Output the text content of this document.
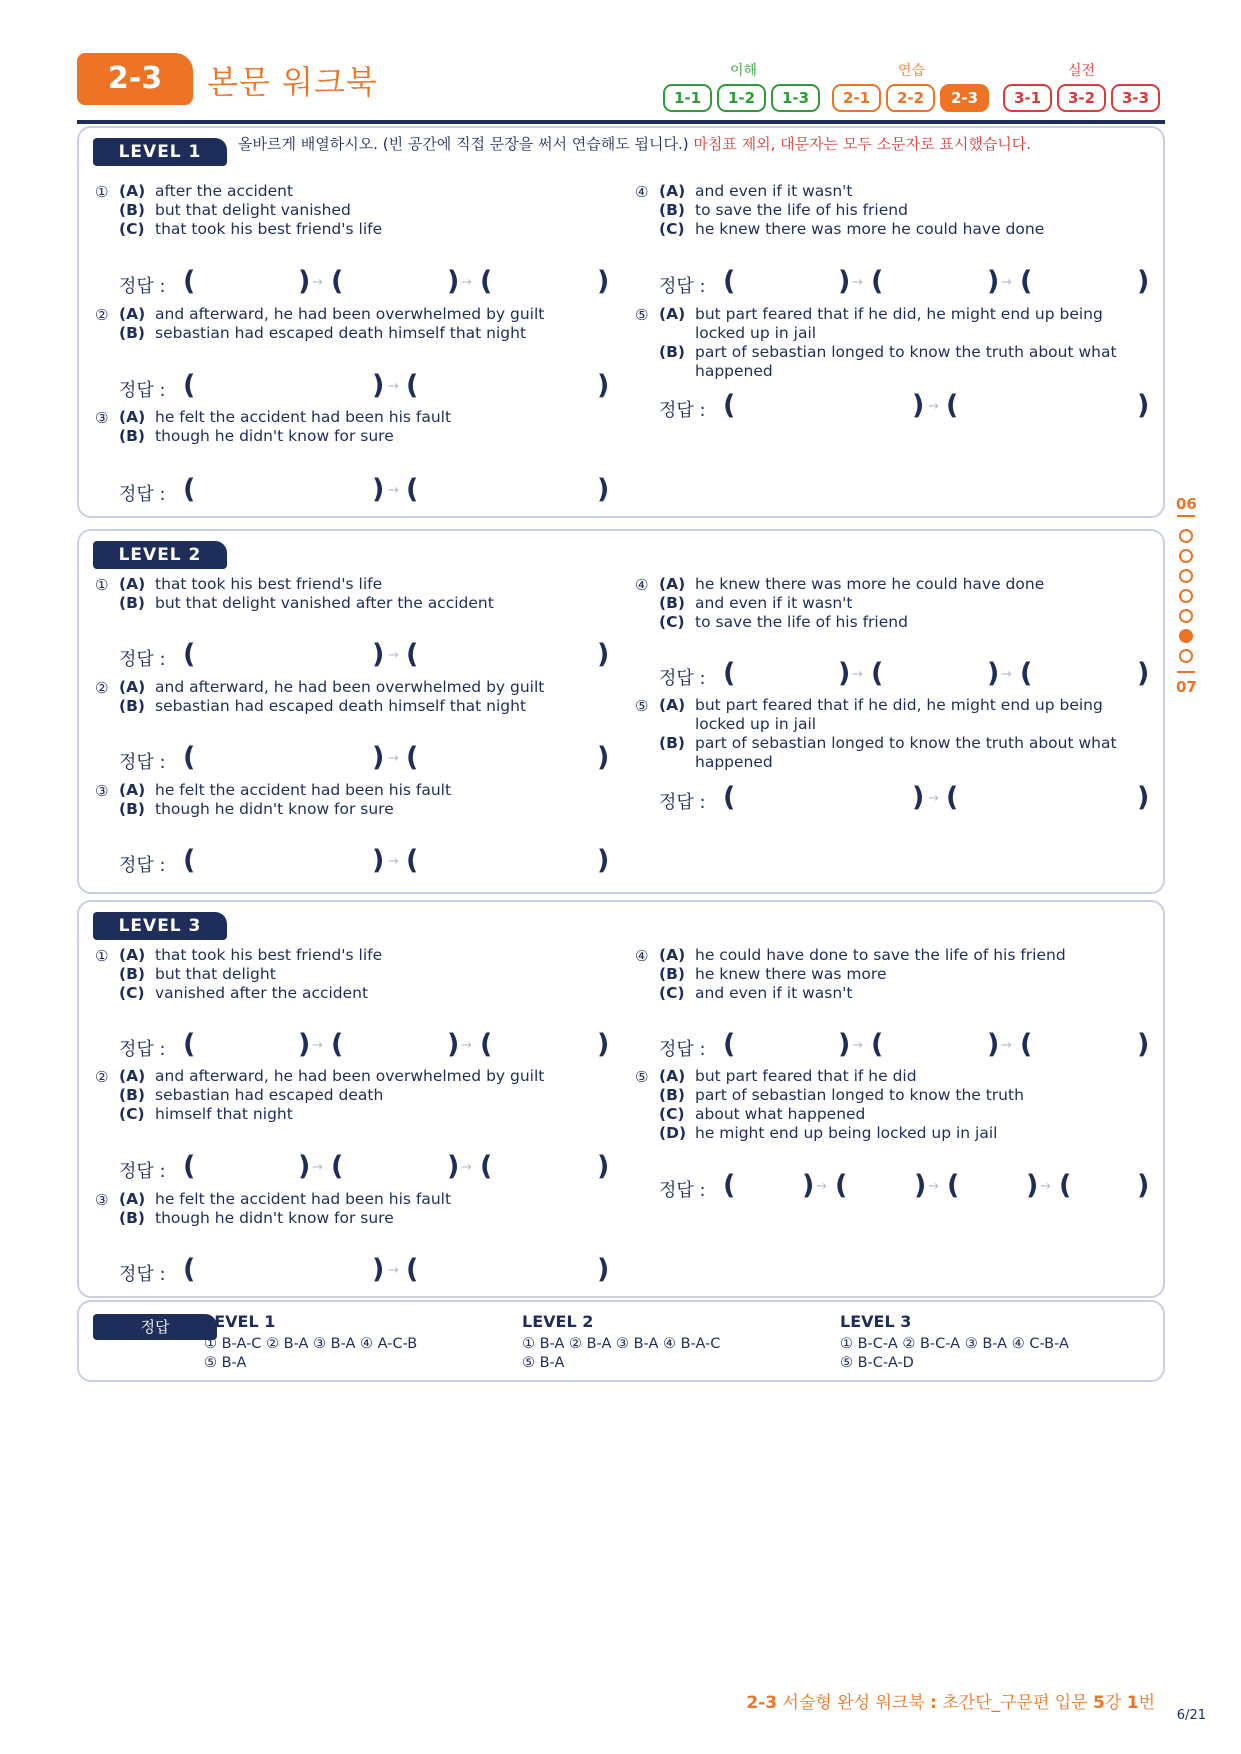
2-3	본문 워크북	이해	연습	실전
1-1	1-2	1-3	2-1	2-2	2-3	3-1	3-2	3-3
LEVEL 1	올바르게 배열하시오. (빈 공간에 직접 문장을 써서 연습해도 됩니다.) 마침표 제외, 대문자는 모두 소문자로 표시했습니다.
① (A) after the accident
(B) but that delight vanished
(C) that took his best friend's life
정답 : (	) → (	) → (	)
② (A) and afterward, he had been overwhelmed by guilt
(B) sebastian had escaped death himself that night
정답 : (	) → (	)
③ (A) he felt the accident had been his fault
(B) though he didn't know for sure
정답 : (	) → (	)
④ (A) and even if it wasn't
(B) to save the life of his friend
(C) he knew there was more he could have done
정답 : (	) → (	) → (	)
⑤ (A) but part feared that if he did, he might end up being locked up in jail
(B) part of sebastian longed to know the truth about what happened
정답 : (	) → (	)
LEVEL 2
① (A) that took his best friend's life
(B) but that delight vanished after the accident
정답 : (	) → (	)
② (A) and afterward, he had been overwhelmed by guilt
(B) sebastian had escaped death himself that night
정답 : (	) → (	)
③ (A) he felt the accident had been his fault
(B) though he didn't know for sure
정답 : (	) → (	)
④ (A) he knew there was more he could have done
(B) and even if it wasn't
(C) to save the life of his friend
정답 : (	) → (	) → (	)
⑤ (A) but part feared that if he did, he might end up being locked up in jail
(B) part of sebastian longed to know the truth about what happened
정답 : (	) → (	)
LEVEL 3
① (A) that took his best friend's life
(B) but that delight
(C) vanished after the accident
정답 : (	) → (	) → (	)
② (A) and afterward, he had been overwhelmed by guilt
(B) sebastian had escaped death
(C) himself that night
정답 : (	) → (	) → (	)
③ (A) he felt the accident had been his fault
(B) though he didn't know for sure
정답 : (	) → (	)
④ (A) he could have done to save the life of his friend
(B) he knew there was more
(C) and even if it wasn't
정답 : (	) → (	) → (	)
⑤ (A) but part feared that if he did
(B) part of sebastian longed to know the truth
(C) about what happened
(D) he might end up being locked up in jail
정답 : ( ) → ( ) → ( ) → ( )
정답	LEVEL 1
① B-A-C ② B-A ③ B-A ④ A-C-B
⑤ B-A
LEVEL 2
① B-A ② B-A ③ B-A ④ B-A-C
⑤ B-A
LEVEL 3
① B-C-A ② B-C-A ③ B-A ④ C-B-A
⑤ B-C-A-D
06
07
2-3 서술형 완성 워크북 : 초간단_구문편 입문 5강 1번
6/21
